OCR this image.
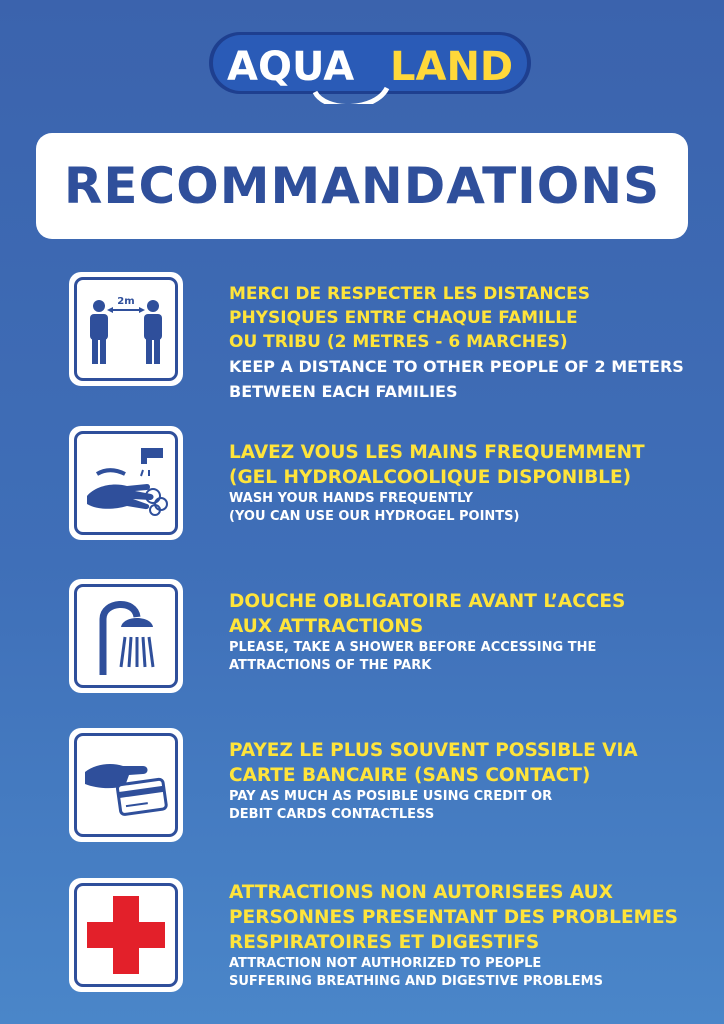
AQUA LAND
RECOMMANDATIONS
2m	MERCI DE RESPECTER LES DISTANCES
PHYSIQUES ENTRE CHAQUE FAMILLE
OU TRIBU (2 METRES - 6 MARCHES)

KEEP A DISTANCE TO OTHER PEOPLE OF 2 METERS
BETWEEN EACH FAMILIES

LAVEZ VOUS LES MAINS FREQUEMMENT
(GEL HYDROALCOOLIQUE DISPONIBLE)

WASH YOUR HANDS FREQUENTLY
(YOU CAN USE OUR HYDROGEL POINTS)

DOUCHE OBLIGATOIRE AVANT L’ACCES
AUX ATTRACTIONS

PLEASE, TAKE A SHOWER BEFORE ACCESSING THE
ATTRACTIONS OF THE PARK

PAYEZ LE PLUS SOUVENT POSSIBLE VIA
CARTE BANCAIRE (SANS CONTACT)

PAY AS MUCH AS POSIBLE USING CREDIT OR
DEBIT CARDS CONTACTLESS

ATTRACTIONS NON AUTORISEES AUX
PERSONNES PRESENTANT DES PROBLEMES
RESPIRATOIRES ET DIGESTIFS

ATTRACTION NOT AUTHORIZED TO PEOPLE
SUFFERING BREATHING AND DIGESTIVE PROBLEMS
